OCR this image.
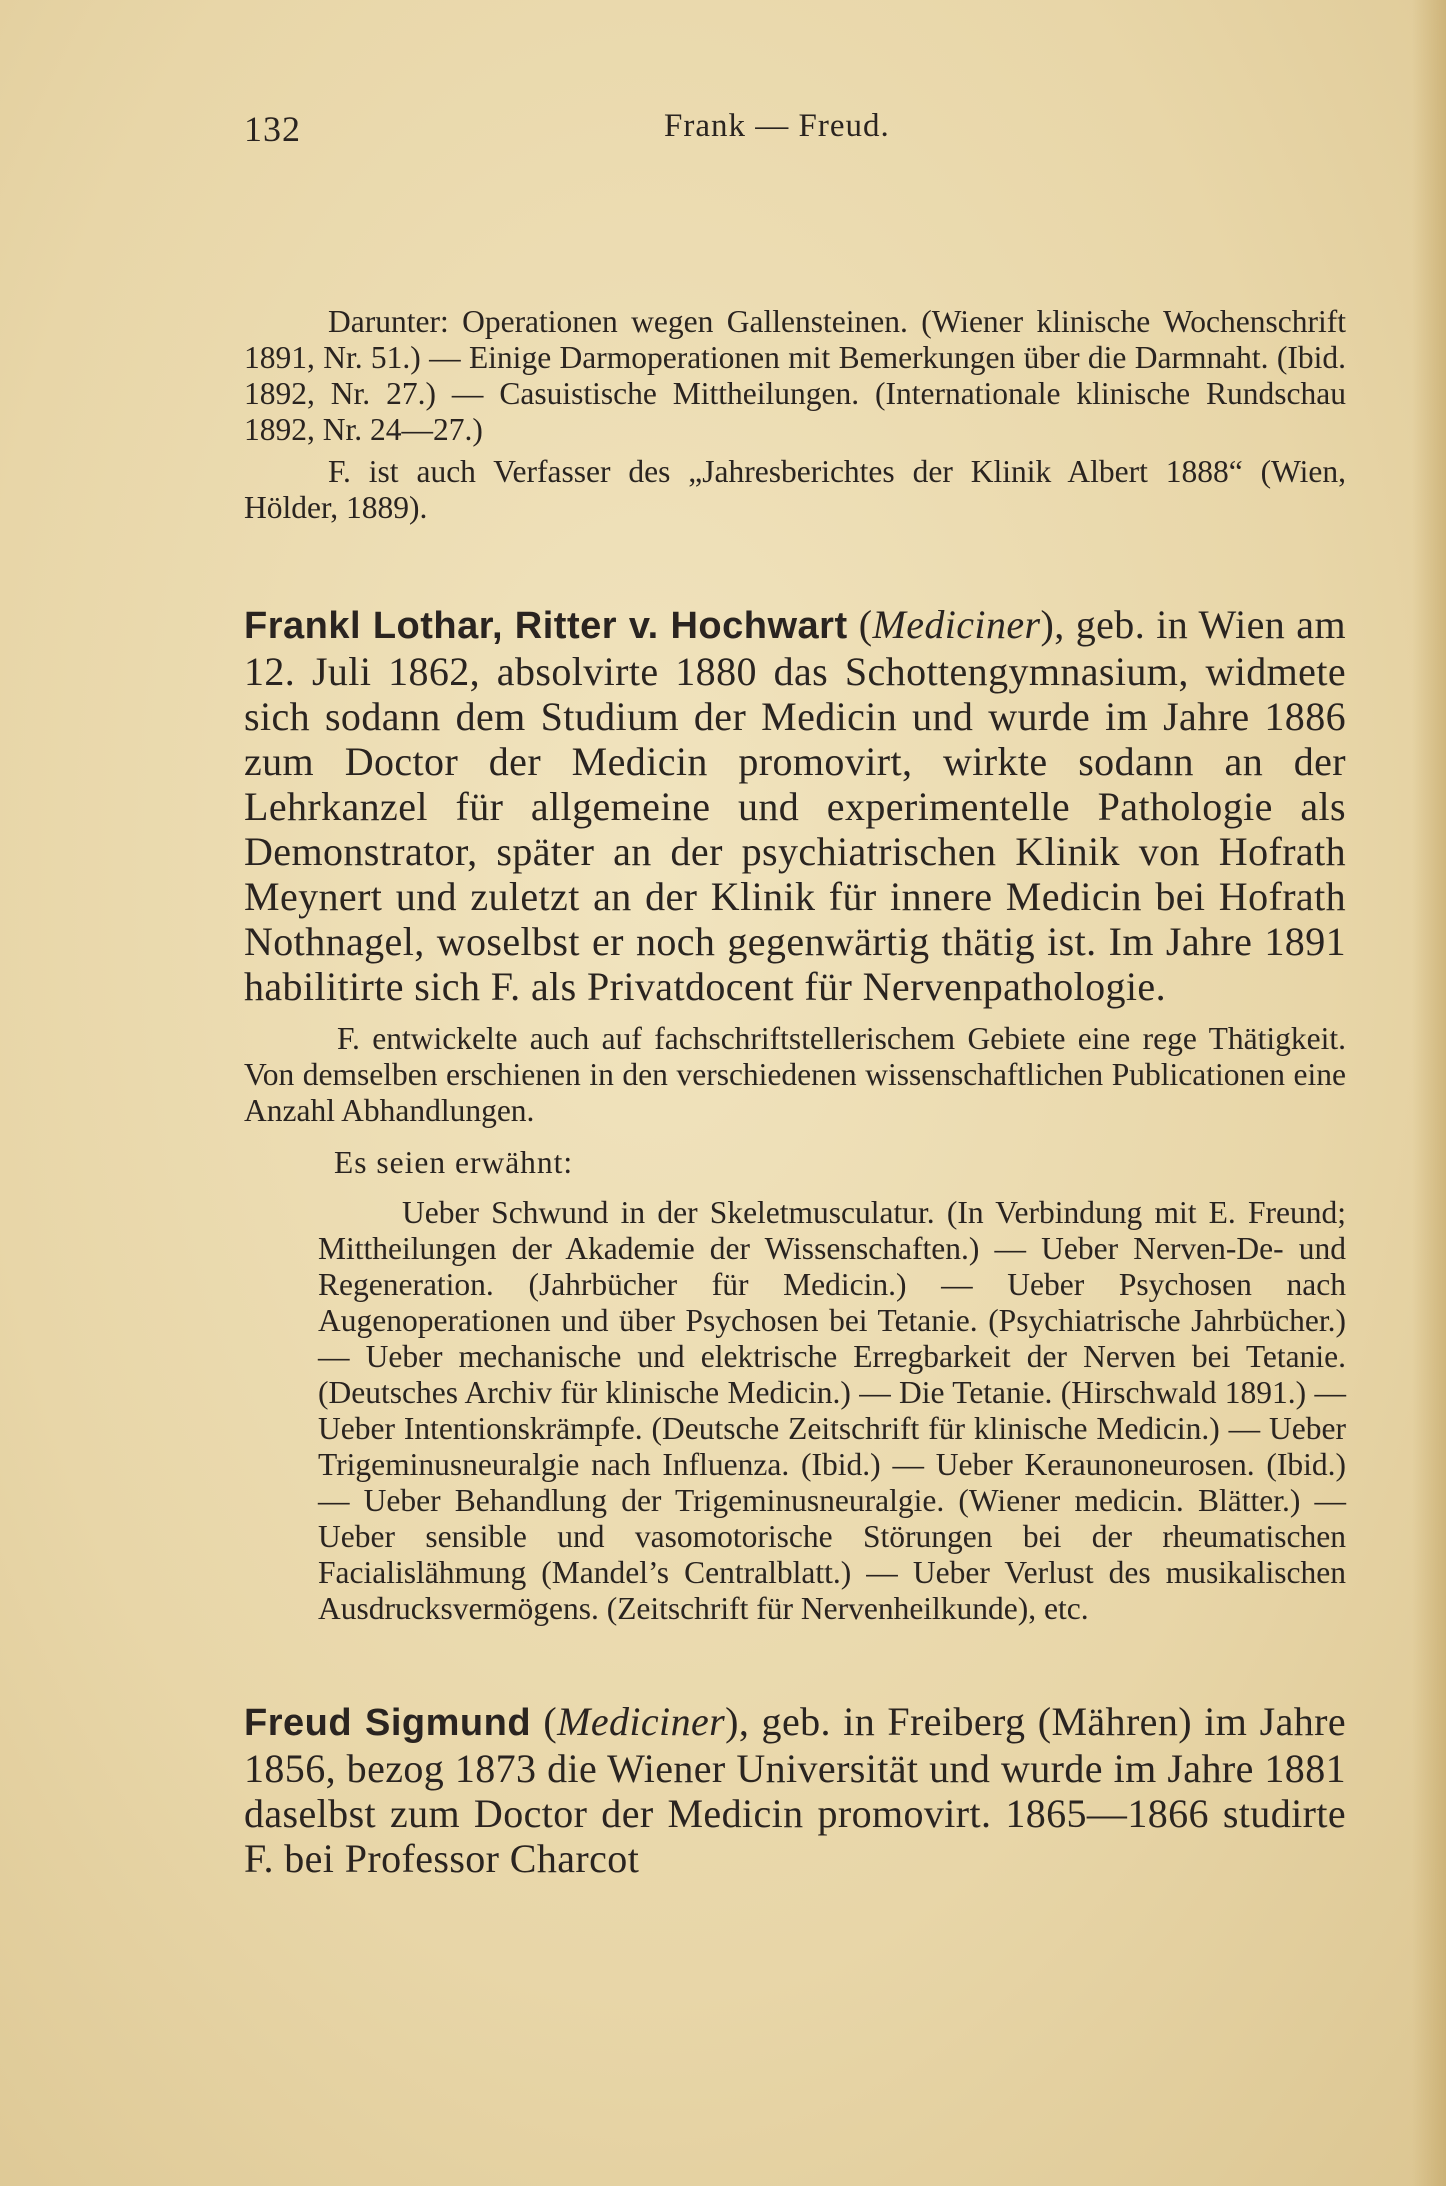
132	Frank — Freud.

Darunter: Operationen wegen Gallensteinen. (Wiener klinische Wochenschrift 1891, Nr. 51.) — Einige Darmoperationen mit Bemerkungen über die Darmnaht. (Ibid. 1892, Nr. 27.) — Casuistische Mittheilungen. (Internationale klinische Rundschau 1892, Nr. 24—27.)

F. ist auch Verfasser des „Jahresberichtes der Klinik Albert 1888“ (Wien, Hölder, 1889).

Frankl Lothar, Ritter v. Hochwart (Mediciner), geb. in Wien am 12. Juli 1862, absolvirte 1880 das Schottengymnasium, widmete sich sodann dem Studium der Medicin und wurde im Jahre 1886 zum Doctor der Medicin promovirt, wirkte sodann an der Lehrkanzel für allgemeine und experimentelle Pathologie als Demonstrator, später an der psychiatrischen Klinik von Hofrath Meynert und zuletzt an der Klinik für innere Medicin bei Hofrath Nothnagel, woselbst er noch gegenwärtig thätig ist. Im Jahre 1891 habilitirte sich F. als Privatdocent für Nervenpathologie.

F. entwickelte auch auf fachschriftstellerischem Gebiete eine rege Thätigkeit. Von demselben erschienen in den verschiedenen wissenschaftlichen Publicationen eine Anzahl Abhandlungen.

Es seien erwähnt:

Ueber Schwund in der Skeletmusculatur. (In Verbindung mit E. Freund; Mittheilungen der Akademie der Wissenschaften.) — Ueber Nerven-De- und Regeneration. (Jahrbücher für Medicin.) — Ueber Psychosen nach Augenoperationen und über Psychosen bei Tetanie. (Psychiatrische Jahrbücher.) — Ueber mechanische und elektrische Erregbarkeit der Nerven bei Tetanie. (Deutsches Archiv für klinische Medicin.) — Die Tetanie. (Hirschwald 1891.) — Ueber Intentionskrämpfe. (Deutsche Zeitschrift für klinische Medicin.) — Ueber Trigeminusneuralgie nach Influenza. (Ibid.) — Ueber Keraunoneurosen. (Ibid.) — Ueber Behandlung der Trigeminusneuralgie. (Wiener medicin. Blätter.) — Ueber sensible und vasomotorische Störungen bei der rheumatischen Facialislähmung (Mandel’s Centralblatt.) — Ueber Verlust des musikalischen Ausdrucksvermögens. (Zeitschrift für Nervenheilkunde), etc.

Freud Sigmund (Mediciner), geb. in Freiberg (Mähren) im Jahre 1856, bezog 1873 die Wiener Universität und wurde im Jahre 1881 daselbst zum Doctor der Medicin promovirt. 1865—1866 studirte F. bei Professor Charcot
